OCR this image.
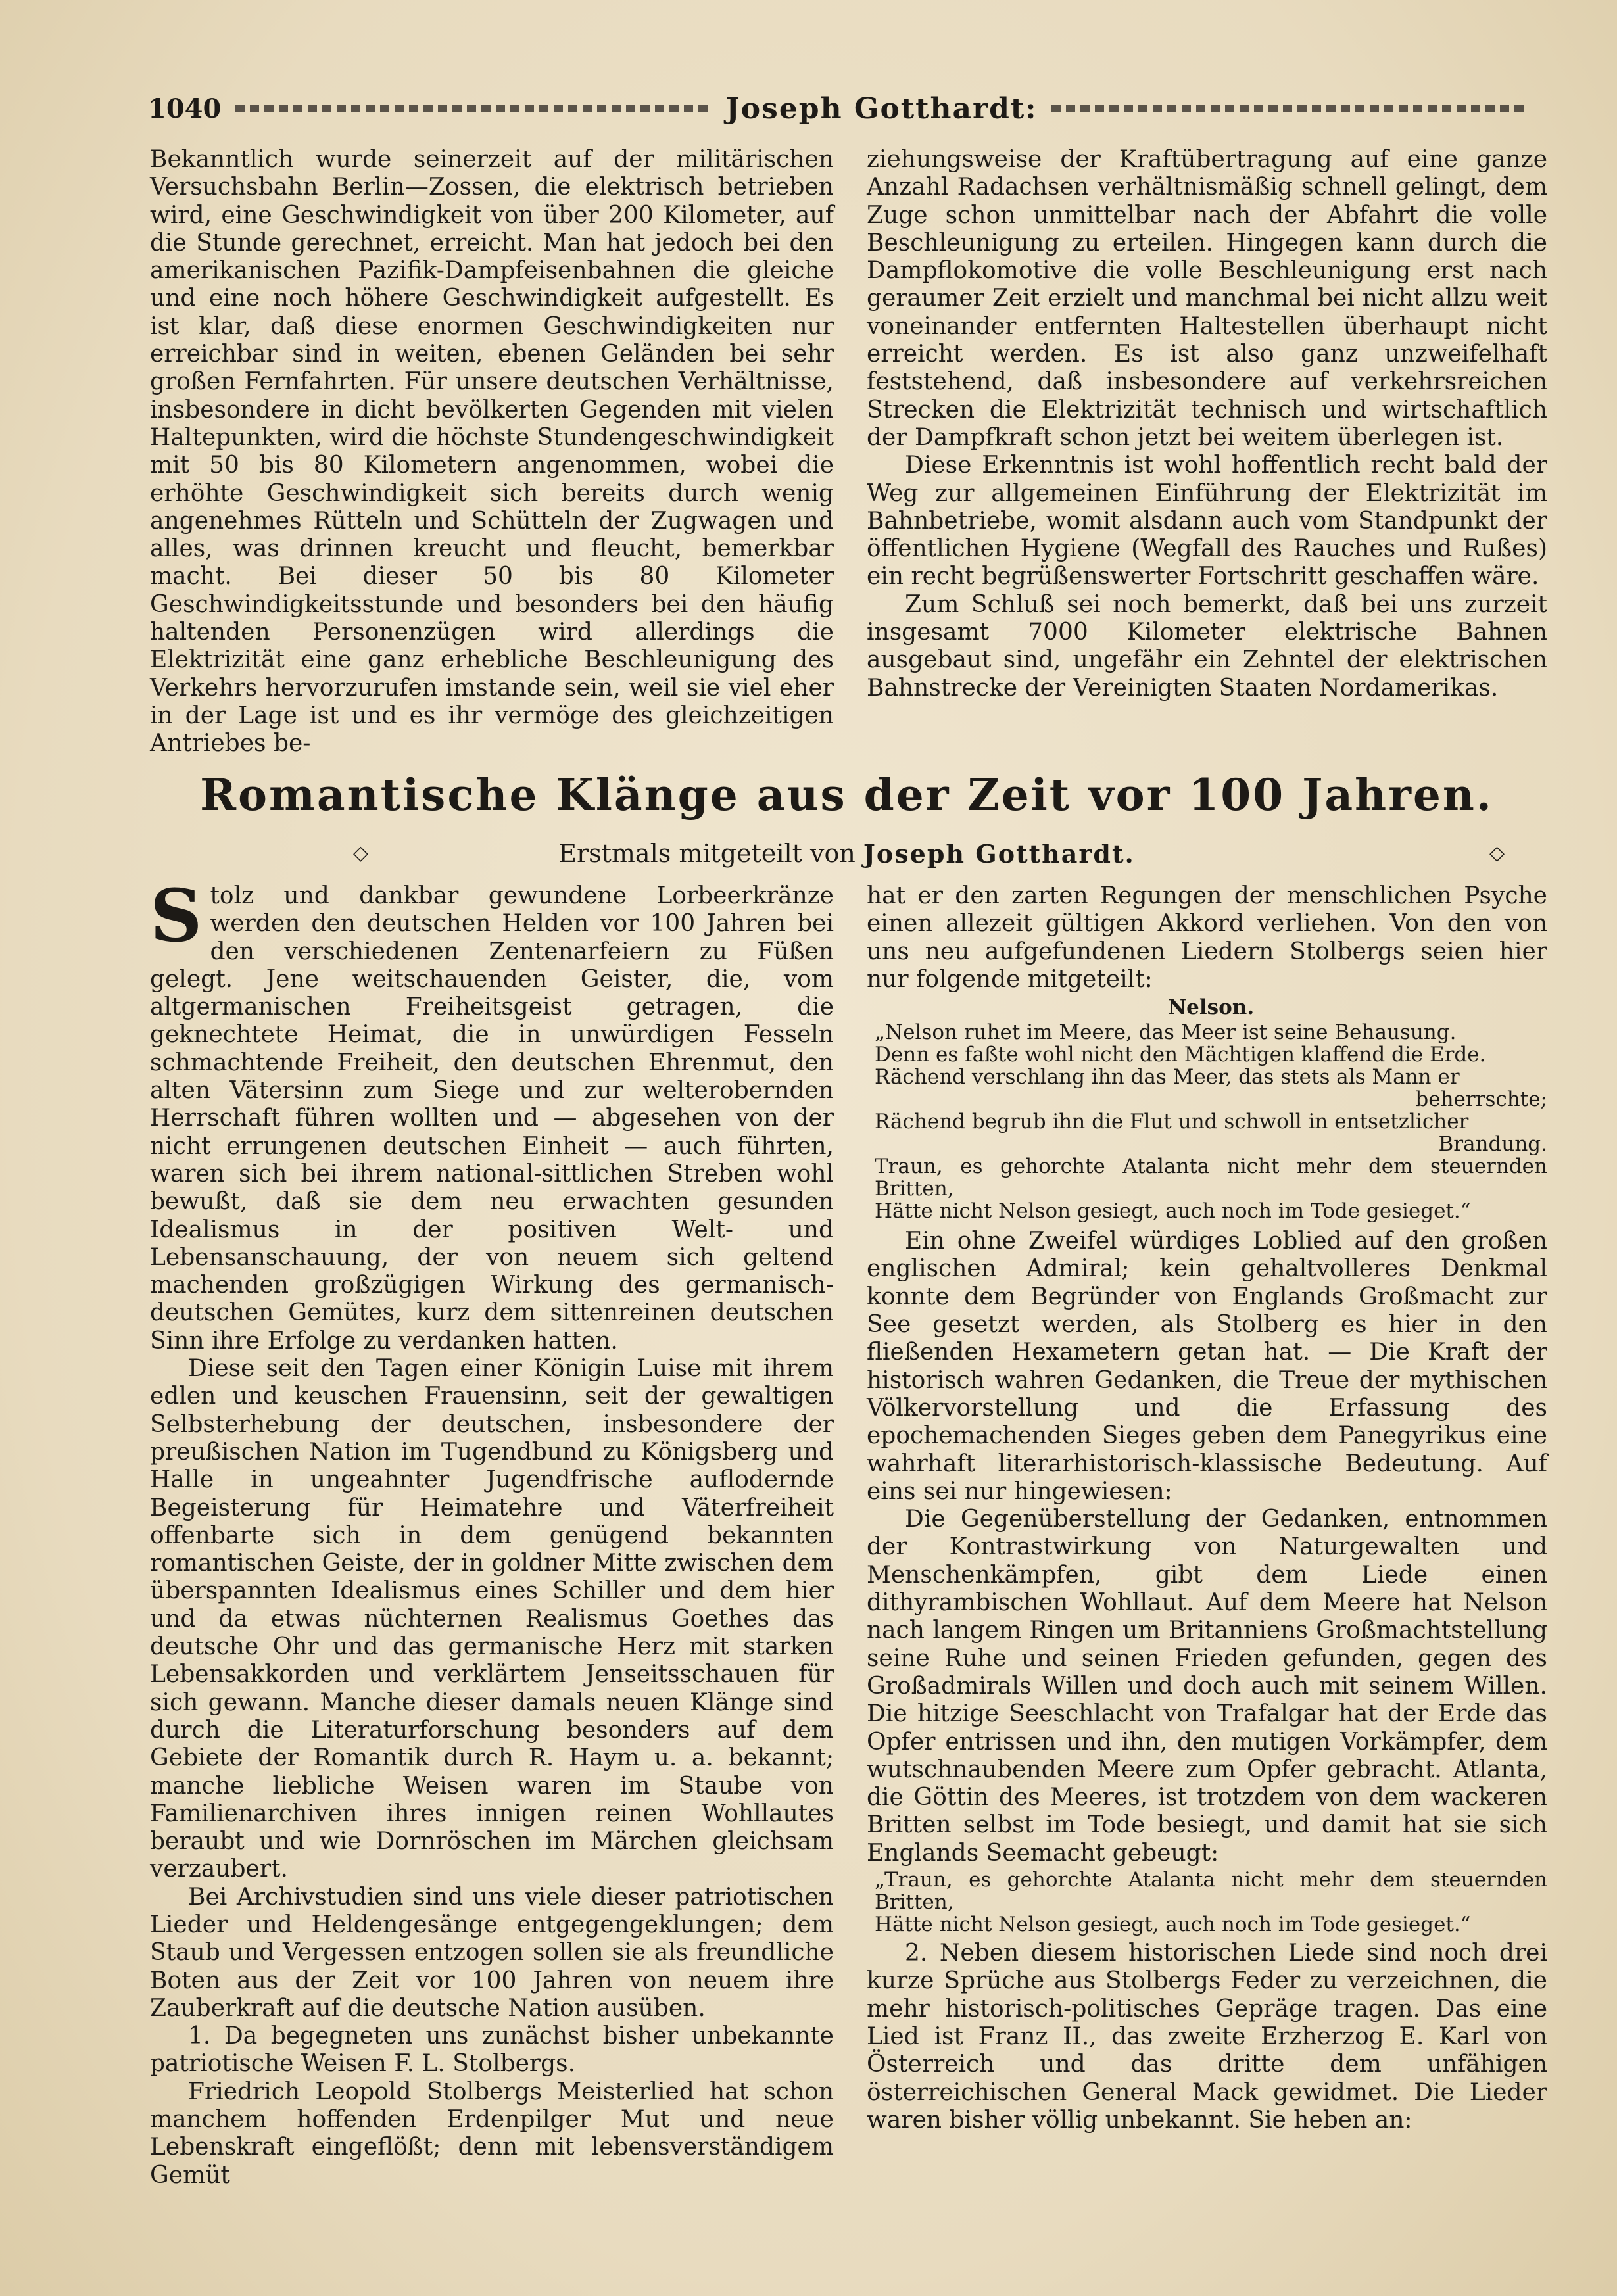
1040	Joseph Gotthardt:

Bekanntlich wurde seinerzeit auf der militärischen Versuchsbahn Berlin—Zossen, die elektrisch betrieben wird, eine Geschwindigkeit von über 200 Kilometer, auf die Stunde gerechnet, erreicht. Man hat jedoch bei den amerikanischen Pazifik-Dampfeisenbahnen die gleiche und eine noch höhere Geschwindigkeit aufgestellt. Es ist klar, daß diese enormen Geschwindigkeiten nur erreichbar sind in weiten, ebenen Geländen bei sehr großen Fernfahrten. Für unsere deutschen Verhältnisse, insbesondere in dicht bevölkerten Gegenden mit vielen Haltepunkten, wird die höchste Stundengeschwindigkeit mit 50 bis 80 Kilometern angenommen, wobei die erhöhte Geschwindigkeit sich bereits durch wenig angenehmes Rütteln und Schütteln der Zugwagen und alles, was drinnen kreucht und fleucht, bemerkbar macht. Bei dieser 50 bis 80 Kilometer Geschwindigkeitsstunde und besonders bei den häufig haltenden Personenzügen wird allerdings die Elektrizität eine ganz erhebliche Beschleunigung des Verkehrs hervorzurufen imstande sein, weil sie viel eher in der Lage ist und es ihr vermöge des gleichzeitigen Antriebes be-

ziehungsweise der Kraftübertragung auf eine ganze Anzahl Radachsen verhältnismäßig schnell gelingt, dem Zuge schon unmittelbar nach der Abfahrt die volle Beschleunigung zu erteilen. Hingegen kann durch die Dampflokomotive die volle Beschleunigung erst nach geraumer Zeit erzielt und manchmal bei nicht allzu weit voneinander entfernten Haltestellen überhaupt nicht erreicht werden. Es ist also ganz unzweifelhaft feststehend, daß insbesondere auf verkehrsreichen Strecken die Elektrizität technisch und wirtschaftlich der Dampfkraft schon jetzt bei weitem überlegen ist.

Diese Erkenntnis ist wohl hoffentlich recht bald der Weg zur allgemeinen Einführung der Elektrizität im Bahnbetriebe, womit alsdann auch vom Standpunkt der öffentlichen Hygiene (Wegfall des Rauches und Rußes) ein recht begrüßenswerter Fortschritt geschaffen wäre.

Zum Schluß sei noch bemerkt, daß bei uns zurzeit insgesamt 7000 Kilometer elektrische Bahnen ausgebaut sind, ungefähr ein Zehntel der elektrischen Bahnstrecke der Vereinigten Staaten Nordamerikas.

Romantische Klänge aus der Zeit vor 100 Jahren.
◇	Erstmals mitgeteilt von
Joseph Gotthardt.	◇

Stolz und dankbar gewundene Lorbeerkränze werden den deutschen Helden vor 100 Jahren bei den verschiedenen Zentenarfeiern zu Füßen gelegt. Jene weitschauenden Geister, die, vom altgermanischen Freiheitsgeist getragen, die geknechtete Heimat, die in unwürdigen Fesseln schmachtende Freiheit, den deutschen Ehrenmut, den alten Vätersinn zum Siege und zur welterobernden Herrschaft führen wollten und — abgesehen von der nicht errungenen deutschen Einheit — auch führten, waren sich bei ihrem national-sittlichen Streben wohl bewußt, daß sie dem neu erwachten gesunden Idealismus in der positiven Welt- und Lebensanschauung, der von neuem sich geltend machenden großzügigen Wirkung des germanisch-deutschen Gemütes, kurz dem sittenreinen deutschen Sinn ihre Erfolge zu verdanken hatten.

Diese seit den Tagen einer Königin Luise mit ihrem edlen und keuschen Frauensinn, seit der gewaltigen Selbsterhebung der deutschen, insbesondere der preußischen Nation im Tugendbund zu Königsberg und Halle in ungeahnter Jugendfrische auflodernde Begeisterung für Heimatehre und Väterfreiheit offenbarte sich in dem genügend bekannten romantischen Geiste, der in goldner Mitte zwischen dem überspannten Idealismus eines Schiller und dem hier und da etwas nüchternen Realismus Goethes das deutsche Ohr und das germanische Herz mit starken Lebensakkorden und verklärtem Jenseitsschauen für sich gewann. Manche dieser damals neuen Klänge sind durch die Literaturforschung besonders auf dem Gebiete der Romantik durch R. Haym u. a. bekannt; manche liebliche Weisen waren im Staube von Familienarchiven ihres innigen reinen Wohllautes beraubt und wie Dornröschen im Märchen gleichsam verzaubert.

Bei Archivstudien sind uns viele dieser patriotischen Lieder und Heldengesänge entgegengeklungen; dem Staub und Vergessen entzogen sollen sie als freundliche Boten aus der Zeit vor 100 Jahren von neuem ihre Zauberkraft auf die deutsche Nation ausüben.

1. Da begegneten uns zunächst bisher unbekannte patriotische Weisen F. L. Stolbergs.

Friedrich Leopold Stolbergs Meisterlied hat schon manchem hoffenden Erdenpilger Mut und neue Lebenskraft eingeflößt; denn mit lebensverständigem Gemüt

hat er den zarten Regungen der menschlichen Psyche einen allezeit gültigen Akkord verliehen. Von den von uns neu aufgefundenen Liedern Stolbergs seien hier nur folgende mitgeteilt:

Nelson.

„Nelson ruhet im Meere, das Meer ist seine Behausung.

Denn es faßte wohl nicht den Mächtigen klaffend die Erde.

Rächend verschlang ihn das Meer, das stets als Mann er

beherrschte;

Rächend begrub ihn die Flut und schwoll in entsetzlicher

Brandung.

Traun, es gehorchte Atalanta nicht mehr dem steuernden Britten,

Hätte nicht Nelson gesiegt, auch noch im Tode gesieget.“

Ein ohne Zweifel würdiges Loblied auf den großen englischen Admiral; kein gehaltvolleres Denkmal konnte dem Begründer von Englands Großmacht zur See gesetzt werden, als Stolberg es hier in den fließenden Hexametern getan hat. — Die Kraft der historisch wahren Gedanken, die Treue der mythischen Völkervorstellung und die Erfassung des epochemachenden Sieges geben dem Panegyrikus eine wahrhaft literarhistorisch-klassische Bedeutung. Auf eins sei nur hingewiesen:

Die Gegenüberstellung der Gedanken, entnommen der Kontrastwirkung von Naturgewalten und Menschenkämpfen, gibt dem Liede einen dithyrambischen Wohllaut. Auf dem Meere hat Nelson nach langem Ringen um Britanniens Großmachtstellung seine Ruhe und seinen Frieden gefunden, gegen des Großadmirals Willen und doch auch mit seinem Willen. Die hitzige Seeschlacht von Trafalgar hat der Erde das Opfer entrissen und ihn, den mutigen Vorkämpfer, dem wutschnaubenden Meere zum Opfer gebracht. Atlanta, die Göttin des Meeres, ist trotzdem von dem wackeren Britten selbst im Tode besiegt, und damit hat sie sich Englands Seemacht gebeugt:

„Traun, es gehorchte Atalanta nicht mehr dem steuernden Britten,

Hätte nicht Nelson gesiegt, auch noch im Tode gesieget.“

2. Neben diesem historischen Liede sind noch drei kurze Sprüche aus Stolbergs Feder zu verzeichnen, die mehr historisch-politisches Gepräge tragen. Das eine Lied ist Franz II., das zweite Erzherzog E. Karl von Österreich und das dritte dem unfähigen österreichischen General Mack gewidmet. Die Lieder waren bisher völlig unbekannt. Sie heben an:
